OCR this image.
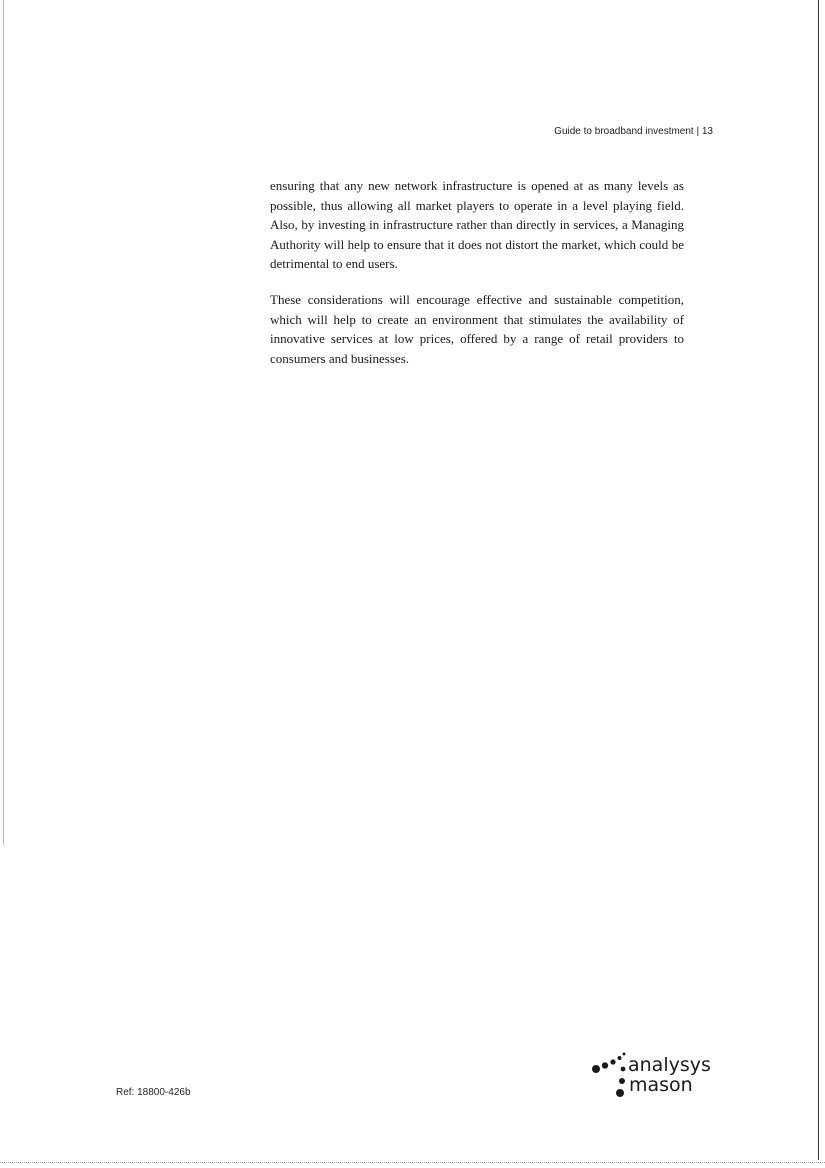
Guide to broadband investment | 13

ensuring that any new network infrastructure is opened at as many levels as possible, thus allowing all market players to operate in a level playing field. Also, by investing in infrastructure rather than directly in services, a Managing Authority will help to ensure that it does not distort the market, which could be detrimental to end users.

These considerations will encourage effective and sustainable competition, which will help to create an environment that stimulates the availability of innovative services at low prices, offered by a range of retail providers to consumers and businesses.

Ref: 18800-426b
analysys
mason
